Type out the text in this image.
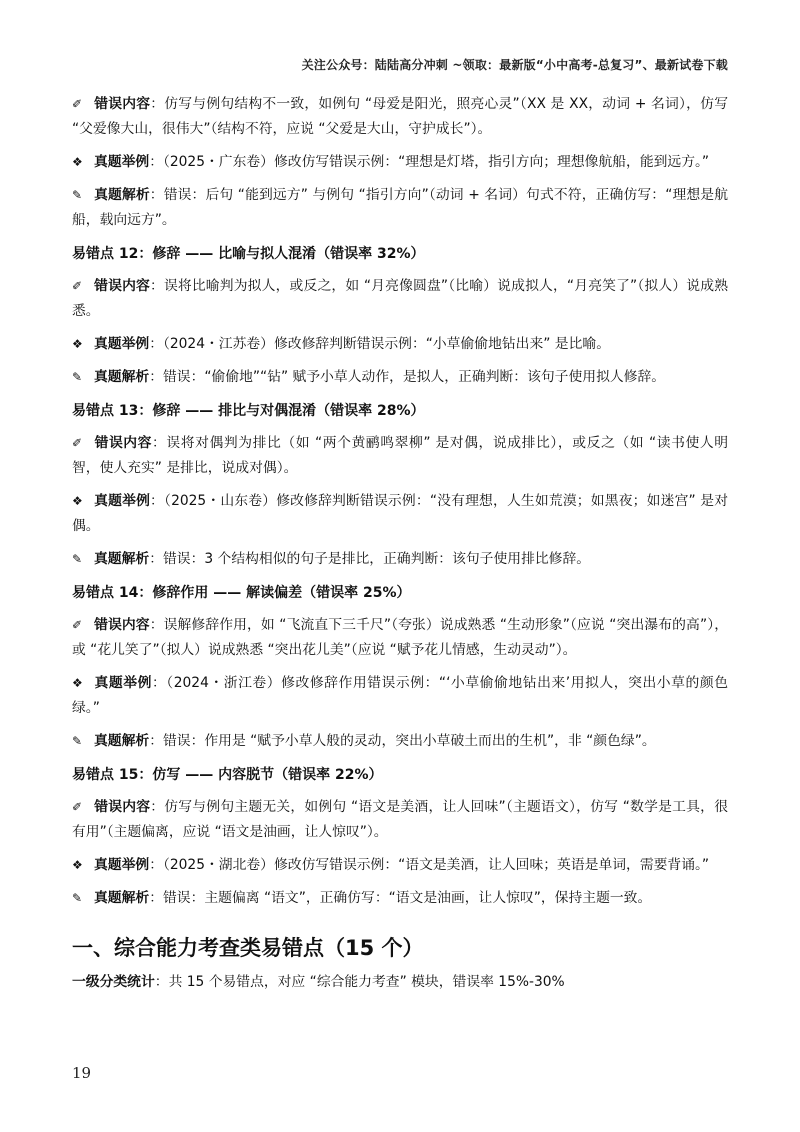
关注公众号：陆陆高分冲刺 ~领取：最新版“小中高考-总复习”、最新试卷下载
✐ 错误内容：仿写与例句结构不一致，如例句 “母爱是阳光，照亮心灵”（XX 是 XX，动词 + 名词），仿写 “父爱像大山，很伟大”（结构不符，应说 “父爱是大山，守护成长”）。
❖ 真题举例：（2025・广东卷）修改仿写错误示例：“理想是灯塔，指引方向；理想像航船，能到远方。”
✎ 真题解析：错误：后句 “能到远方” 与例句 “指引方向”（动词 + 名词）句式不符，正确仿写：“理想是航船，载向远方”。
易错点 12：修辞 —— 比喻与拟人混淆（错误率 32%）
✐ 错误内容：误将比喻判为拟人，或反之，如 “月亮像圆盘”（比喻）说成拟人，“月亮笑了”（拟人）说成熟悉。
❖ 真题举例：（2024・江苏卷）修改修辞判断错误示例：“小草偷偷地钻出来” 是比喻。
✎ 真题解析：错误：“偷偷地”“钻” 赋予小草人动作，是拟人，正确判断：该句子使用拟人修辞。
易错点 13：修辞 —— 排比与对偶混淆（错误率 28%）
✐ 错误内容：误将对偶判为排比（如 “两个黄鹂鸣翠柳” 是对偶，说成排比），或反之（如 “读书使人明智，使人充实” 是排比，说成对偶）。
❖ 真题举例：（2025・山东卷）修改修辞判断错误示例：“没有理想，人生如荒漠；如黑夜；如迷宫” 是对偶。
✎ 真题解析：错误：3 个结构相似的句子是排比，正确判断：该句子使用排比修辞。
易错点 14：修辞作用 —— 解读偏差（错误率 25%）
✐ 错误内容：误解修辞作用，如 “飞流直下三千尺”（夸张）说成熟悉 “生动形象”（应说 “突出瀑布的高”），或 “花儿笑了”（拟人）说成熟悉 “突出花儿美”（应说 “赋予花儿情感，生动灵动”）。
❖ 真题举例：（2024・浙江卷）修改修辞作用错误示例：“‘小草偷偷地钻出来’用拟人，突出小草的颜色绿。”
✎ 真题解析：错误：作用是 “赋予小草人般的灵动，突出小草破土而出的生机”，非 “颜色绿”。
易错点 15：仿写 —— 内容脱节（错误率 22%）
✐ 错误内容：仿写与例句主题无关，如例句 “语文是美酒，让人回味”（主题语文），仿写 “数学是工具，很有用”（主题偏离，应说 “语文是油画，让人惊叹”）。
❖ 真题举例：（2025・湖北卷）修改仿写错误示例：“语文是美酒，让人回味；英语是单词，需要背诵。”
✎ 真题解析：错误：主题偏离 “语文”，正确仿写：“语文是油画，让人惊叹”，保持主题一致。
一、综合能力考查类易错点（15 个）
一级分类统计：共 15 个易错点，对应 “综合能力考查” 模块，错误率 15%-30%
19
